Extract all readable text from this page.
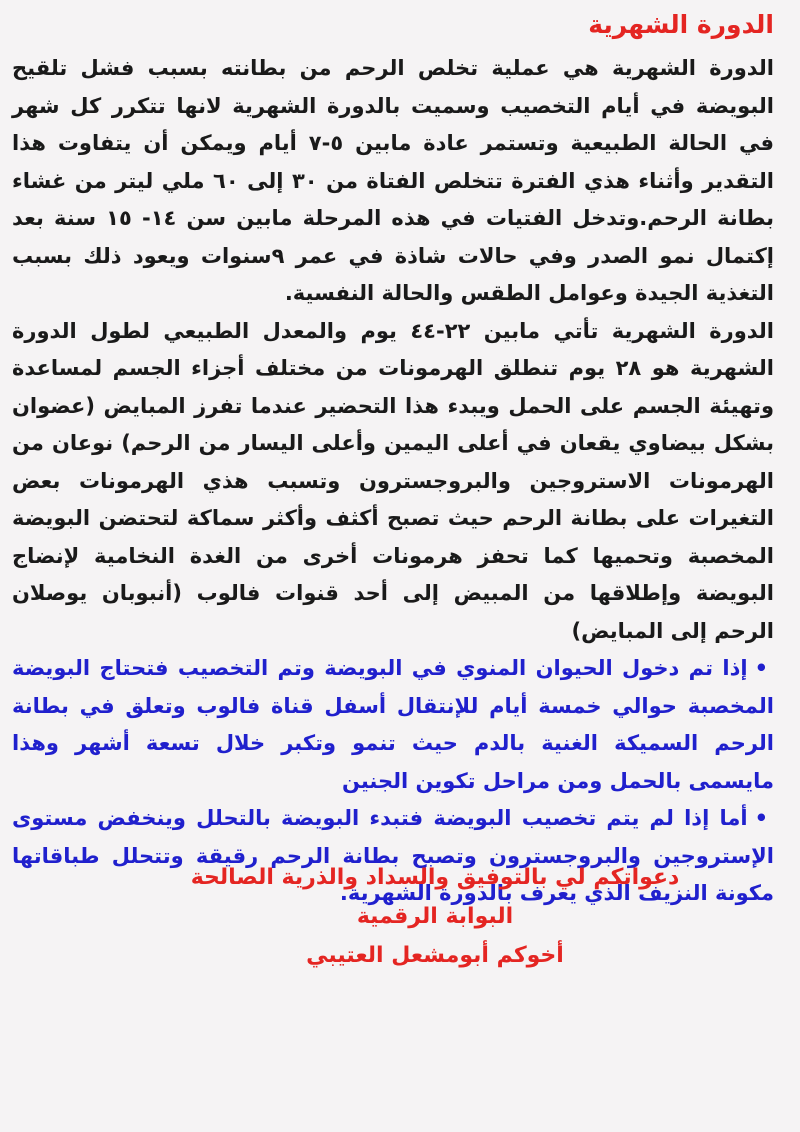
الدورة الشهرية

الدورة الشهرية هي عملية تخلص الرحم من بطانته بسبب فشل تلقيح البويضة في أيام التخصيب وسميت بالدورة الشهرية لانها تتكرر كل شهر في الحالة الطبيعية وتستمر عادة مابين ٥-٧ أيام ويمكن أن يتفاوت هذا التقدير وأثناء هذي الفترة تتخلص الفتاة من ٣٠ إلى ٦٠ ملي ليتر من غشاء بطانة الرحم.وتدخل الفتيات في هذه المرحلة مابين سن ١٤- ١٥ سنة بعد إكتمال نمو الصدر وفي حالات شاذة في عمر ٩سنوات ويعود ذلك بسبب التغذية الجيدة وعوامل الطقس والحالة النفسية.

الدورة الشهرية تأتي مابين ٢٢-٤٤ يوم والمعدل الطبيعي لطول الدورة الشهرية هو ٢٨ يوم تنطلق الهرمونات من مختلف أجزاء الجسم لمساعدة وتهيئة الجسم على الحمل ويبدء هذا التحضير عندما تفرز المبايض (عضوان بشكل بيضاوي يقعان في أعلى اليمين وأعلى اليسار من الرحم) نوعان من الهرمونات الاستروجين والبروجسترون وتسبب هذي الهرمونات بعض التغيرات على بطانة الرحم حيث تصبح أكثف وأكثر سماكة لتحتضن البويضة المخصبة وتحميها كما تحفز هرمونات أخرى من الغدة النخامية لإنضاج البويضة وإطلاقها من المبيض إلى أحد قنوات فالوب (أنبوبان يوصلان الرحم إلى المبايض)

•إذا تم دخول الحيوان المنوي في البويضة وتم التخصيب فتحتاج البويضة المخصبة حوالي خمسة أيام للإنتقال أسفل قناة فالوب وتعلق في بطانة الرحم السميكة الغنية بالدم حيث تنمو وتكبر خلال تسعة أشهر وهذا مايسمى بالحمل ومن مراحل تكوين الجنين

•أما إذا لم يتم تخصيب البويضة فتبدء البويضة بالتحلل وينخفض مستوى الإستروجين والبروجسترون وتصبح بطانة الرحم رقيقة وتتحلل طباقاتها مكونة النزيف الذي يعرف بالدورة الشهرية.

دعواتكم لي بالتوفيق والسداد والذرية الصالحة
البوابة الرقمية
أخوكم أبومشعل العتيبي
